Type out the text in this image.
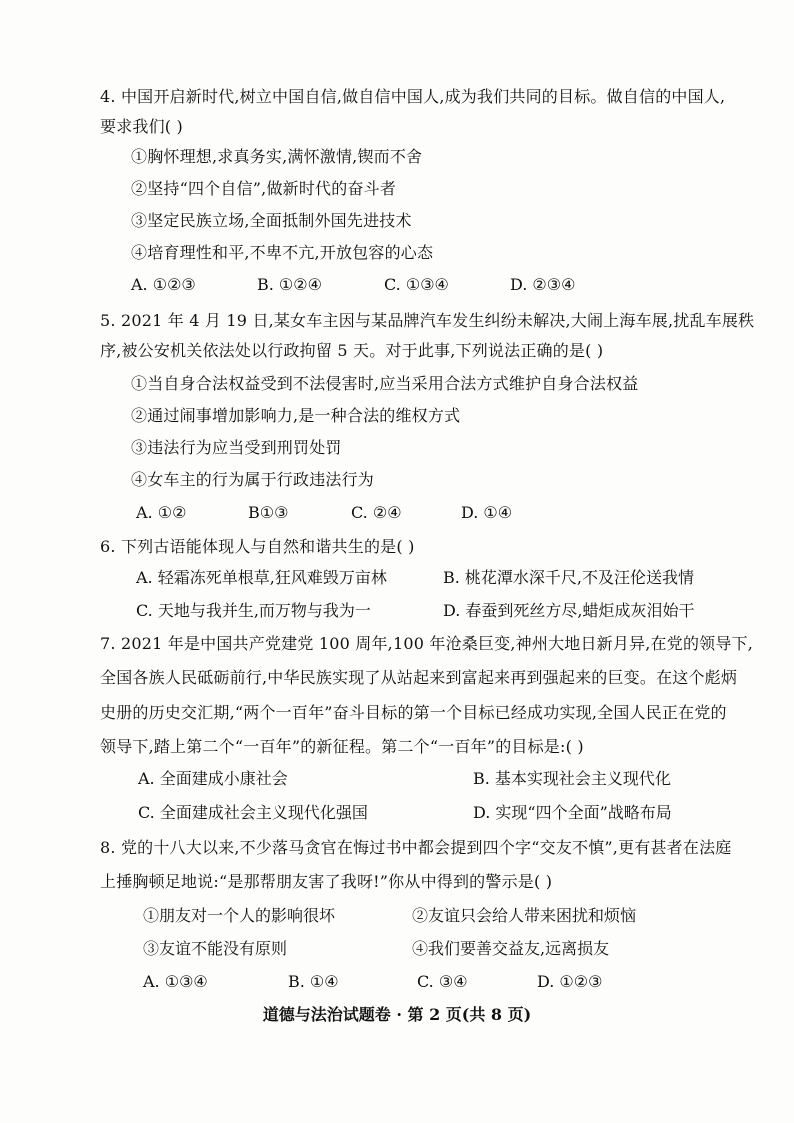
4. 中国开启新时代,树立中国自信,做自信中国人,成为我们共同的目标。做自信的中国人,
要求我们( )
①胸怀理想,求真务实,满怀激情,锲而不舍
②坚持“四个自信”,做新时代的奋斗者
③坚定民族立场,全面抵制外国先进技术
④培育理性和平,不卑不亢,开放包容的心态
A. ①②③	B. ①②④	C. ①③④	D. ②③④
5. 2021 年 4 月 19 日,某女车主因与某品牌汽车发生纠纷未解决,大闹上海车展,扰乱车展秩
序,被公安机关依法处以行政拘留 5 天。对于此事,下列说法正确的是( )
①当自身合法权益受到不法侵害时,应当采用合法方式维护自身合法权益
②通过闹事增加影响力,是一种合法的维权方式
③违法行为应当受到刑罚处罚
④女车主的行为属于行政违法行为
A. ①②	B①③	C. ②④	D. ①④
6. 下列古语能体现人与自然和谐共生的是( )
A. 轻霜冻死单根草,狂风难毁万亩林	B. 桃花潭水深千尺,不及汪伦送我情
C. 天地与我并生,而万物与我为一	D. 春蚕到死丝方尽,蜡炬成灰泪始干
7. 2021 年是中国共产党建党 100 周年,100 年沧桑巨变,神州大地日新月异,在党的领导下,
全国各族人民砥砺前行,中华民族实现了从站起来到富起来再到强起来的巨变。在这个彪炳
史册的历史交汇期,“两个一百年”奋斗目标的第一个目标已经成功实现,全国人民正在党的
领导下,踏上第二个“一百年”的新征程。第二个“一百年”的目标是:( )
A. 全面建成小康社会	B. 基本实现社会主义现代化
C. 全面建成社会主义现代化强国	D. 实现“四个全面”战略布局
8. 党的十八大以来,不少落马贪官在悔过书中都会提到四个字“交友不慎”,更有甚者在法庭
上捶胸顿足地说:“是那帮朋友害了我呀!”你从中得到的警示是( )
①朋友对一个人的影响很坏	②友谊只会给人带来困扰和烦恼
③友谊不能没有原则	④我们要善交益友,远离损友
A. ①③④	B. ①④	C. ③④	D. ①②③
道德与法治试题卷 · 第 2 页(共 8 页)
